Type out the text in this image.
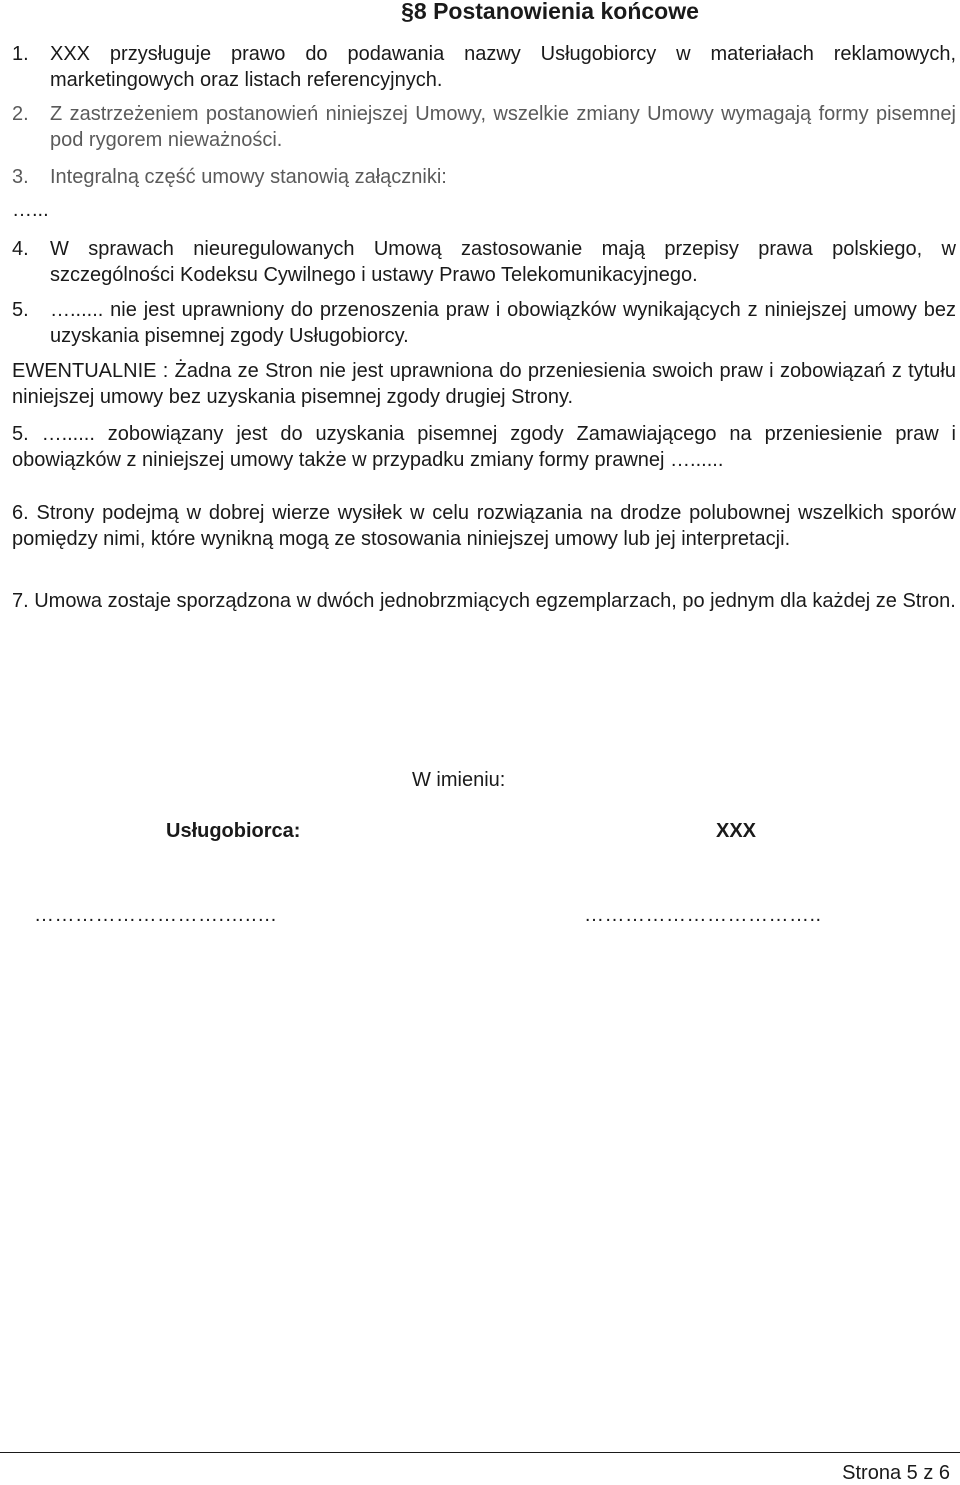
§8 Postanowienia końcowe
1.	XXX przysługuje prawo do podawania nazwy Usługobiorcy w materiałach reklamowych, marketingowych oraz listach referencyjnych.
2.	Z zastrzeżeniem postanowień niniejszej Umowy, wszelkie zmiany Umowy wymagają formy pisemnej pod rygorem nieważności.
3.	Integralną część umowy stanowią załączniki:
…...
4.	W sprawach nieuregulowanych Umową zastosowanie mają przepisy prawa polskiego, w szczególności Kodeksu Cywilnego i ustawy Prawo Telekomunikacyjnego.
5.	…...... nie jest uprawniony do przenoszenia praw i obowiązków wynikających z niniejszej umowy bez uzyskania pisemnej zgody Usługobiorcy.
EWENTUALNIE : Żadna ze Stron nie jest uprawniona do przeniesienia swoich praw i zobowiązań z tytułu niniejszej umowy bez uzyskania pisemnej zgody drugiej Strony.
5. …...... zobowiązany jest do uzyskania pisemnej zgody Zamawiającego na przeniesienie praw i obowiązków z niniejszej umowy także w przypadku zmiany formy prawnej …......
6. Strony podejmą w dobrej wierze wysiłek w celu rozwiązania na drodze polubownej wszelkich sporów pomiędzy nimi, które wynikną mogą ze stosowania niniejszej umowy lub jej interpretacji.
7. Umowa zostaje sporządzona w dwóch jednobrzmiących egzemplarzach, po jednym dla każdej ze Stron.
W imieniu:
Usługobiorca:	XXX
……………………….…..…	……………………………..
Strona 5 z 6
